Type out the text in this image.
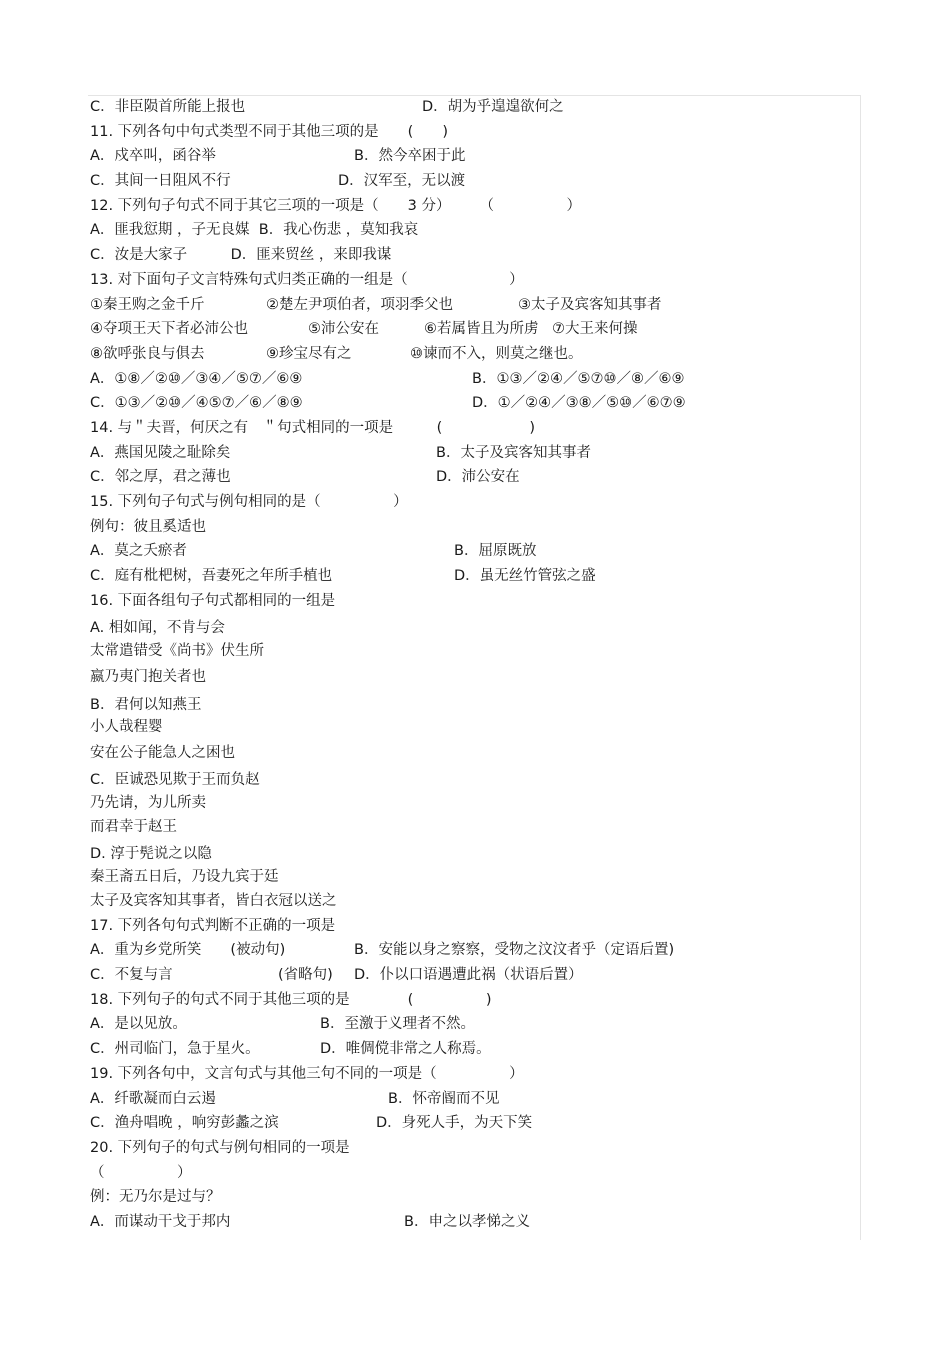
C．非臣陨首所能上报也	D．胡为乎遑遑欲何之
11. 下列各句中句式类型不同于其他三项的是　　(　　)
A．戍卒叫，函谷举	B．然今卒困于此
C．其间一日阻风不行	D．汉军至，无以渡
12. 下列句子句式不同于其它三项的一项是（　　3 分）　　　（　　　　　）
A．匪我愆期 ，子无良媒  B．我心伤悲 ，莫知我哀
C．汝是大家子　　　D．匪来贸丝 ，来即我谋
13. 对下面句子文言特殊句式归类正确的一组是（　　　　　　　）
①秦王购之金千斤	②楚左尹项伯者，项羽季父也	③太子及宾客知其事者
④夺项王天下者必沛公也	⑤沛公安在	⑥若属皆且为所虏 ⑦大王来何操
⑧欲呼张良与俱去	⑨珍宝尽有之	⑩谏而不入，则莫之继也。
A．①⑧／②⑩／③④／⑤⑦／⑥⑨	B．①③／②④／⑤⑦⑩／⑧／⑥⑨
C．①③／②⑩／④⑤⑦／⑥／⑧⑨	D．①／②④／③⑧／⑤⑩／⑥⑦⑨
14. 与＂夫晋，何厌之有　＂句式相同的一项是　　　(　　　　　　)
A．燕国见陵之耻除矣	B．太子及宾客知其事者
C．邻之厚，君之薄也	D．沛公安在
15. 下列句子句式与例句相同的是（　　　　　）
例句：彼且奚适也
A．莫之夭瘀者	B．屈原既放
C．庭有枇杷树，吾妻死之年所手植也	D．虽无丝竹管弦之盛
16. 下面各组句子句式都相同的一组是
A. 相如闻，不肯与会
太常遣错受《尚书》伏生所
嬴乃夷门抱关者也
B．君何以知燕王
小人哉程婴
安在公子能急人之困也
C．臣诚恐见欺于王而负赵
乃先请，为儿所卖
而君幸于赵王
D. 淳于髡说之以隐
秦王斋五日后，乃设九宾于廷
太子及宾客知其事者，皆白衣冠以送之
17. 下列各句句式判断不正确的一项是
A．重为乡党所笑　　(被动句)	B．安能以身之察察，受物之汶汶者乎（定语后置)
C．不复与言	(省略句) D．仆以口语遇遭此祸（状语后置）
18. 下列句子的句式不同于其他三项的是　　　　(　　　　　)
A．是以见放。	B．至激于义理者不然。
C．州司临门，急于星火。	D．唯倜傥非常之人称焉。
19. 下列各句中，文言句式与其他三句不同的一项是（　　　　　）
A．纤歌凝而白云遏	B．怀帝阍而不见
C．渔舟唱晚 ，响穷彭蠡之滨	D．身死人手，为天下笑
20. 下列句子的句式与例句相同的一项是
（　　　　　）
例：无乃尔是过与？
A．而谋动干戈于邦内	B．申之以孝悌之义
